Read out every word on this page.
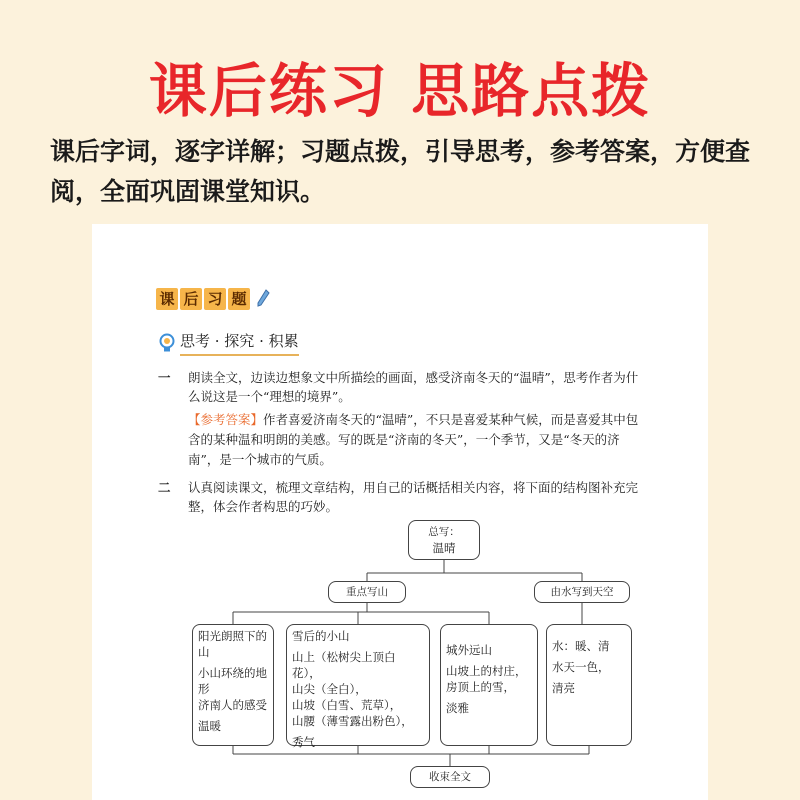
课后练习 思路点拨
课后字词，逐字详解；习题点拨，引导思考，参考答案，方便查阅，全面巩固课堂知识。
课 后 习 题
思考 · 探究 · 积累
一 朗读全文，边读边想象文中所描绘的画面，感受济南冬天的“温晴”，思考作者为什么说这是一个“理想的境界”。
【参考答案】作者喜爱济南冬天的“温晴”，不只是喜爱某种气候，而是喜爱其中包含的某种温和明朗的美感。写的既是“济南的冬天”，一个季节，又是“冬天的济南”，是一个城市的气质。
二 认真阅读课文，梳理文章结构，用自己的话概括相关内容，将下面的结构图补充完整，体会作者构思的巧妙。
总写：
温晴
重点写山	由水写到天空
阳光朗照下的山
小山环绕的地形
济南人的感受
温暖
雪后的小山
山上（松树尖上顶白花），
山尖（全白），
山坡（白雪、荒草），
山腰（薄雪露出粉色），
秀气
城外远山
山坡上的村庄，
房顶上的雪，
淡雅
水：暖、清
水天一色，
清亮
收束全文
